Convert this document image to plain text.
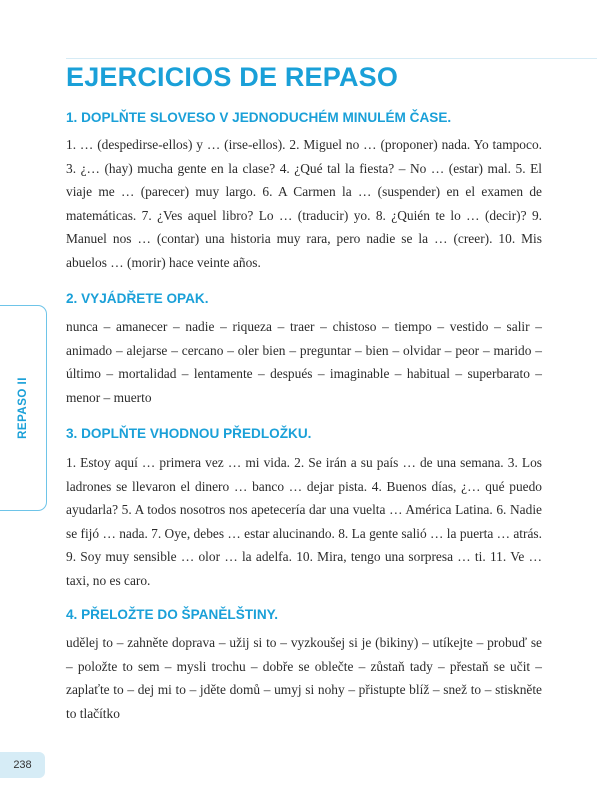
EJERCICIOS DE REPASO
1. DOPLŇTE SLOVESO V JEDNODUCHÉM MINULÉM ČASE.

1. … (despedirse-ellos) y … (irse-ellos). 2. Miguel no … (proponer) nada. Yo tampoco. 3. ¿… (hay) mucha gente en la clase? 4. ¿Qué tal la fiesta? – No … (estar) mal. 5. El viaje me … (parecer) muy largo. 6. A Carmen la … (suspender) en el examen de matemáticas. 7. ¿Ves aquel libro? Lo … (traducir) yo. 8. ¿Quién te lo … (decir)? 9. Manuel nos … (contar) una historia muy rara, pero nadie se la … (creer). 10. Mis abuelos … (morir) hace veinte años.

2. VYJÁDŘETE OPAK.

nunca – amanecer – nadie – riqueza – traer – chistoso – tiempo – vestido – salir – animado – alejarse – cercano – oler bien – preguntar – bien – olvidar – peor – marido – último – mortalidad – lentamente – después – imaginable – habitual – superbarato – menor – muerto

3. DOPLŇTE VHODNOU PŘEDLOŽKU.

1. Estoy aquí … primera vez … mi vida. 2. Se irán a su país … de una semana. 3. Los ladrones se llevaron el dinero … banco … dejar pista. 4. Buenos días, ¿… qué puedo ayudarla? 5. A todos nosotros nos apetecería dar una vuelta … América Latina. 6. Nadie se fijó … nada. 7. Oye, debes … estar alucinando. 8. La gente salió … la puerta … atrás. 9. Soy muy sensible … olor … la adelfa. 10. Mira, tengo una sorpresa … ti. 11. Ve … taxi, no es caro.

4. PŘELOŽTE DO ŠPANĚLŠTINY.

udělej to – zahněte doprava – užij si to – vyzkoušej si je (bikiny) – utíkejte – probuď se – položte to sem – mysli trochu – dobře se oblečte – zůstaň tady – přestaň se učit – zaplaťte to – dej mi to – jděte domů – umyj si nohy – přistupte blíž – snež to – stiskněte to tlačítko

REPASO II
238
